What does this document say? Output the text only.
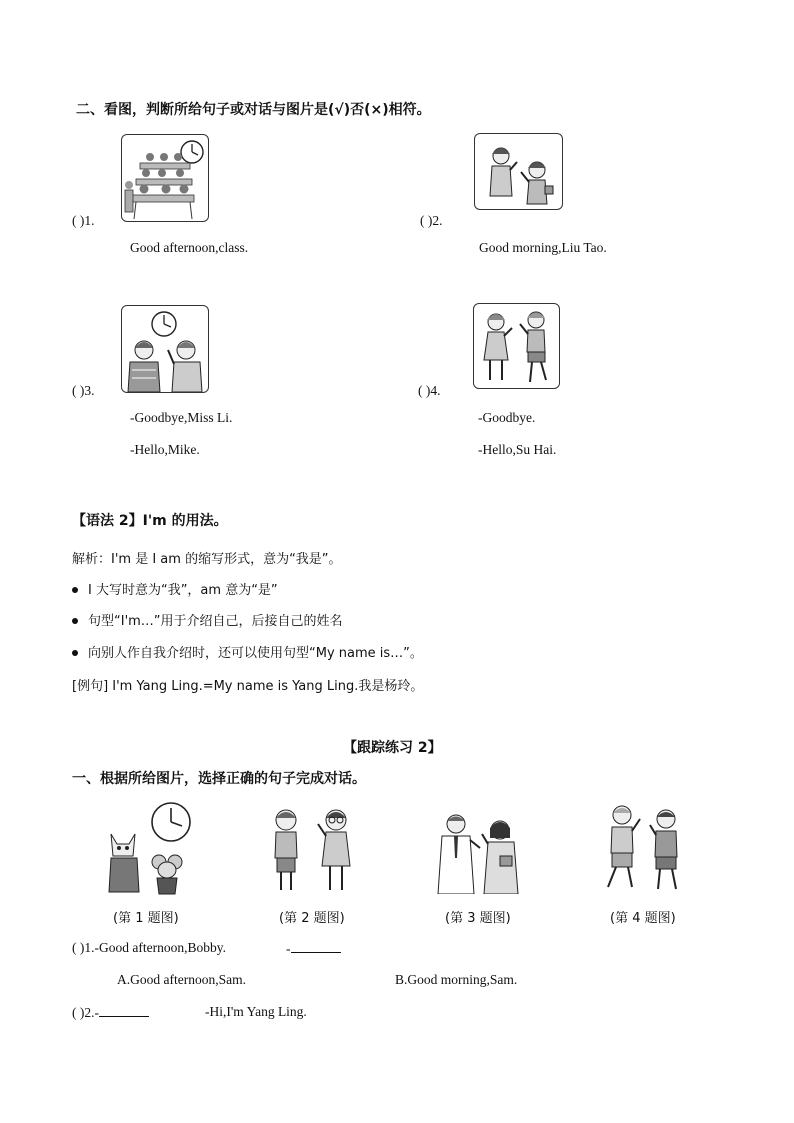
二、看图，判断所给句子或对话与图片是(√)否(×)相符。
( )1.
Good afternoon,class.
( )2.
Good morning,Liu Tao.
( )3.
-Goodbye,Miss Li.
-Hello,Mike.
( )4.
-Goodbye.
-Hello,Su Hai.
【语法 2】I'm 的用法。
解析：I'm 是 I am 的缩写形式，意为“我是”。
I 大写时意为“我”，am 意为“是”
句型“I'm…”用于介绍自己，后接自己的姓名
向别人作自我介绍时，还可以使用句型“My name is…”。
[例句] I'm Yang Ling.=My name is Yang Ling.我是杨玲。
【跟踪练习 2】
一、根据所给图片，选择正确的句子完成对话。
(第 1 题图)	(第 2 题图)	(第 3 题图)	(第 4 题图)
( )1.-Good afternoon,Bobby.	-
A.Good afternoon,Sam.	B.Good morning,Sam.
( )2.-	-Hi,I'm Yang Ling.
